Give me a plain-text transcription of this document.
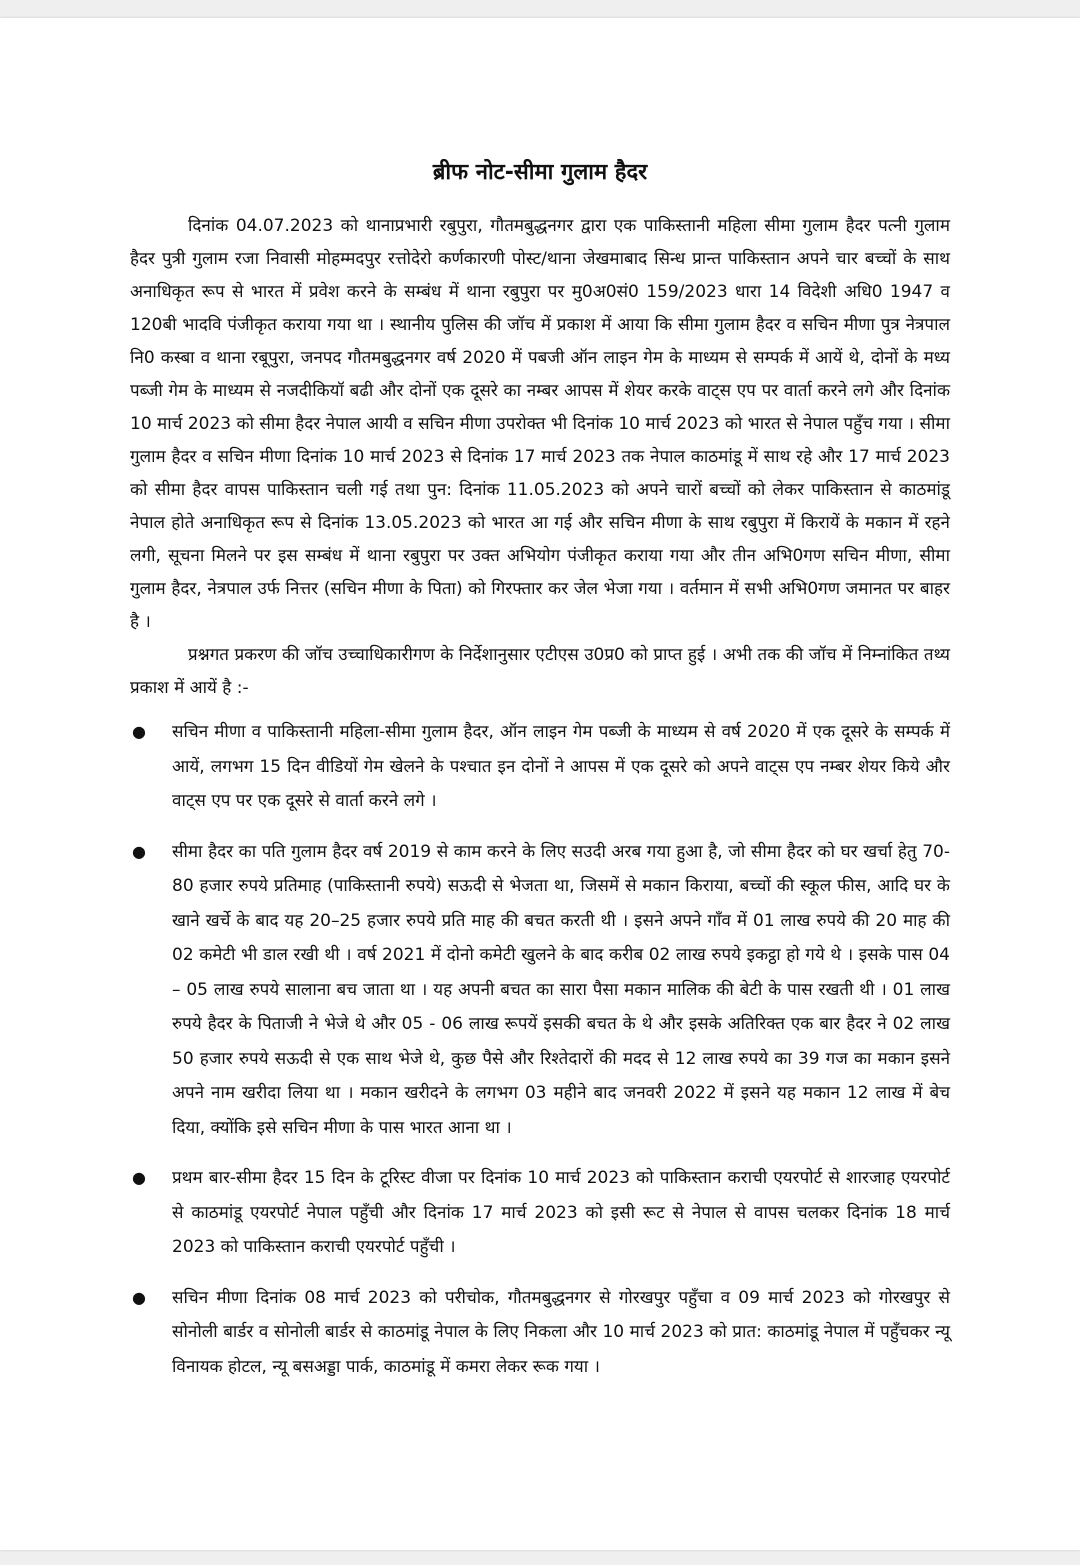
ब्रीफ नोट-सीमा गुलाम हैदर

दिनांक 04.07.2023 को थानाप्रभारी रबुपुरा, गौतमबुद्धनगर द्वारा एक पाकिस्तानी महिला सीमा गुलाम हैदर पत्नी गुलाम हैदर पुत्री गुलाम रजा निवासी मोहम्मदपुर रत्तोदेरो कर्णकारणी पोस्ट/थाना जेखमाबाद सिन्ध प्रान्त पाकिस्तान अपने चार बच्चों के साथ अनाधिकृत रूप से भारत में प्रवेश करने के सम्बंध में थाना रबुपुरा पर मु0अ0सं0 159/2023 धारा 14 विदेशी अधि0 1947 व 120बी भादवि पंजीकृत कराया गया था । स्थानीय पुलिस की जॉच में प्रकाश में आया कि सीमा गुलाम हैदर व सचिन मीणा पुत्र नेत्रपाल नि0 कस्बा व थाना रबूपुरा, जनपद गौतमबुद्धनगर वर्ष 2020 में पबजी ऑन लाइन गेम के माध्यम से सम्पर्क में आयें थे, दोनों के मध्य पब्जी गेम के माध्यम से नजदीकियॉ बढी और दोनों एक दूसरे का नम्बर आपस में शेयर करके वाट्स एप पर वार्ता करने लगे और दिनांक 10 मार्च 2023 को सीमा हैदर नेपाल आयी व सचिन मीणा उपरोक्त भी दिनांक 10 मार्च 2023 को भारत से नेपाल पहुँच गया । सीमा गुलाम हैदर व सचिन मीणा दिनांक 10 मार्च 2023 से दिनांक 17 मार्च 2023 तक नेपाल काठमांडू में साथ रहे और 17 मार्च 2023 को सीमा हैदर वापस पाकिस्तान चली गई तथा पुन: दिनांक 11.05.2023 को अपने चारों बच्चों को लेकर पाकिस्तान से काठमांडू नेपाल होते अनाधिकृत रूप से दिनांक 13.05.2023 को भारत आ गई और सचिन मीणा के साथ रबुपुरा में किरायें के मकान में रहने लगी, सूचना मिलने पर इस सम्बंध में थाना रबुपुरा पर उक्त अभियोग पंजीकृत कराया गया और तीन अभि0गण सचिन मीणा, सीमा गुलाम हैदर, नेत्रपाल उर्फ नित्तर (सचिन मीणा के पिता) को गिरफ्तार कर जेल भेजा गया । वर्तमान में सभी अभि0गण जमानत पर बाहर है ।

प्रश्नगत प्रकरण की जॉच उच्चाधिकारीगण के निर्देशानुसार एटीएस उ0प्र0 को प्राप्त हुई । अभी तक की जॉच में निम्नांकित तथ्य प्रकाश में आयें है :-

● सचिन मीणा व पाकिस्तानी महिला-सीमा गुलाम हैदर, ऑन लाइन गेम पब्जी के माध्यम से वर्ष 2020 में एक दूसरे के सम्पर्क में आयें, लगभग 15 दिन वीडियों गेम खेलने के पश्चात इन दोनों ने आपस में एक दूसरे को अपने वाट्स एप नम्बर शेयर किये और वाट्स एप पर एक दूसरे से वार्ता करने लगे ।
● सीमा हैदर का पति गुलाम हैदर वर्ष 2019 से काम करने के लिए सउदी अरब गया हुआ है, जो सीमा हैदर को घर खर्चा हेतु 70-80 हजार रुपये प्रतिमाह (पाकिस्तानी रुपये) सऊदी से भेजता था, जिसमें से मकान किराया, बच्चों की स्कूल फीस, आदि घर के खाने खर्चे के बाद यह 20–25 हजार रुपये प्रति माह की बचत करती थी । इसने अपने गाँव में 01 लाख रुपये की 20 माह की 02 कमेटी भी डाल रखी थी । वर्ष 2021 में दोनो कमेटी खुलने के बाद करीब 02 लाख रुपये इकट्ठा हो गये थे । इसके पास 04 – 05 लाख रुपये सालाना बच जाता था । यह अपनी बचत का सारा पैसा मकान मालिक की बेटी के पास रखती थी । 01 लाख रुपये हैदर के पिताजी ने भेजे थे और 05 - 06 लाख रूपयें इसकी बचत के थे और इसके अतिरिक्त एक बार हैदर ने 02 लाख 50 हजार रुपये सऊदी से एक साथ भेजे थे, कुछ पैसे और रिश्तेदारों की मदद से 12 लाख रुपये का 39 गज का मकान इसने अपने नाम खरीदा लिया था । मकान खरीदने के लगभग 03 महीने बाद जनवरी 2022 में इसने यह मकान 12 लाख में बेच दिया, क्योंकि इसे सचिन मीणा के पास भारत आना था ।
● प्रथम बार-सीमा हैदर 15 दिन के टूरिस्ट वीजा पर दिनांक 10 मार्च 2023 को पाकिस्तान कराची एयरपोर्ट से शारजाह एयरपोर्ट से काठमांडू एयरपोर्ट नेपाल पहुँची और दिनांक 17 मार्च 2023 को इसी रूट से नेपाल से वापस चलकर दिनांक 18 मार्च 2023 को पाकिस्तान कराची एयरपोर्ट पहुँची ।
● सचिन मीणा दिनांक 08 मार्च 2023 को परीचोक, गौतमबुद्धनगर से गोरखपुर पहुँचा व 09 मार्च 2023 को गोरखपुर से सोनोली बार्डर व सोनोली बार्डर से काठमांडू नेपाल के लिए निकला और 10 मार्च 2023 को प्रात: काठमांडू नेपाल में पहुँचकर न्यू विनायक होटल, न्यू बसअड्डा पार्क, काठमांडू में कमरा लेकर रूक गया ।
